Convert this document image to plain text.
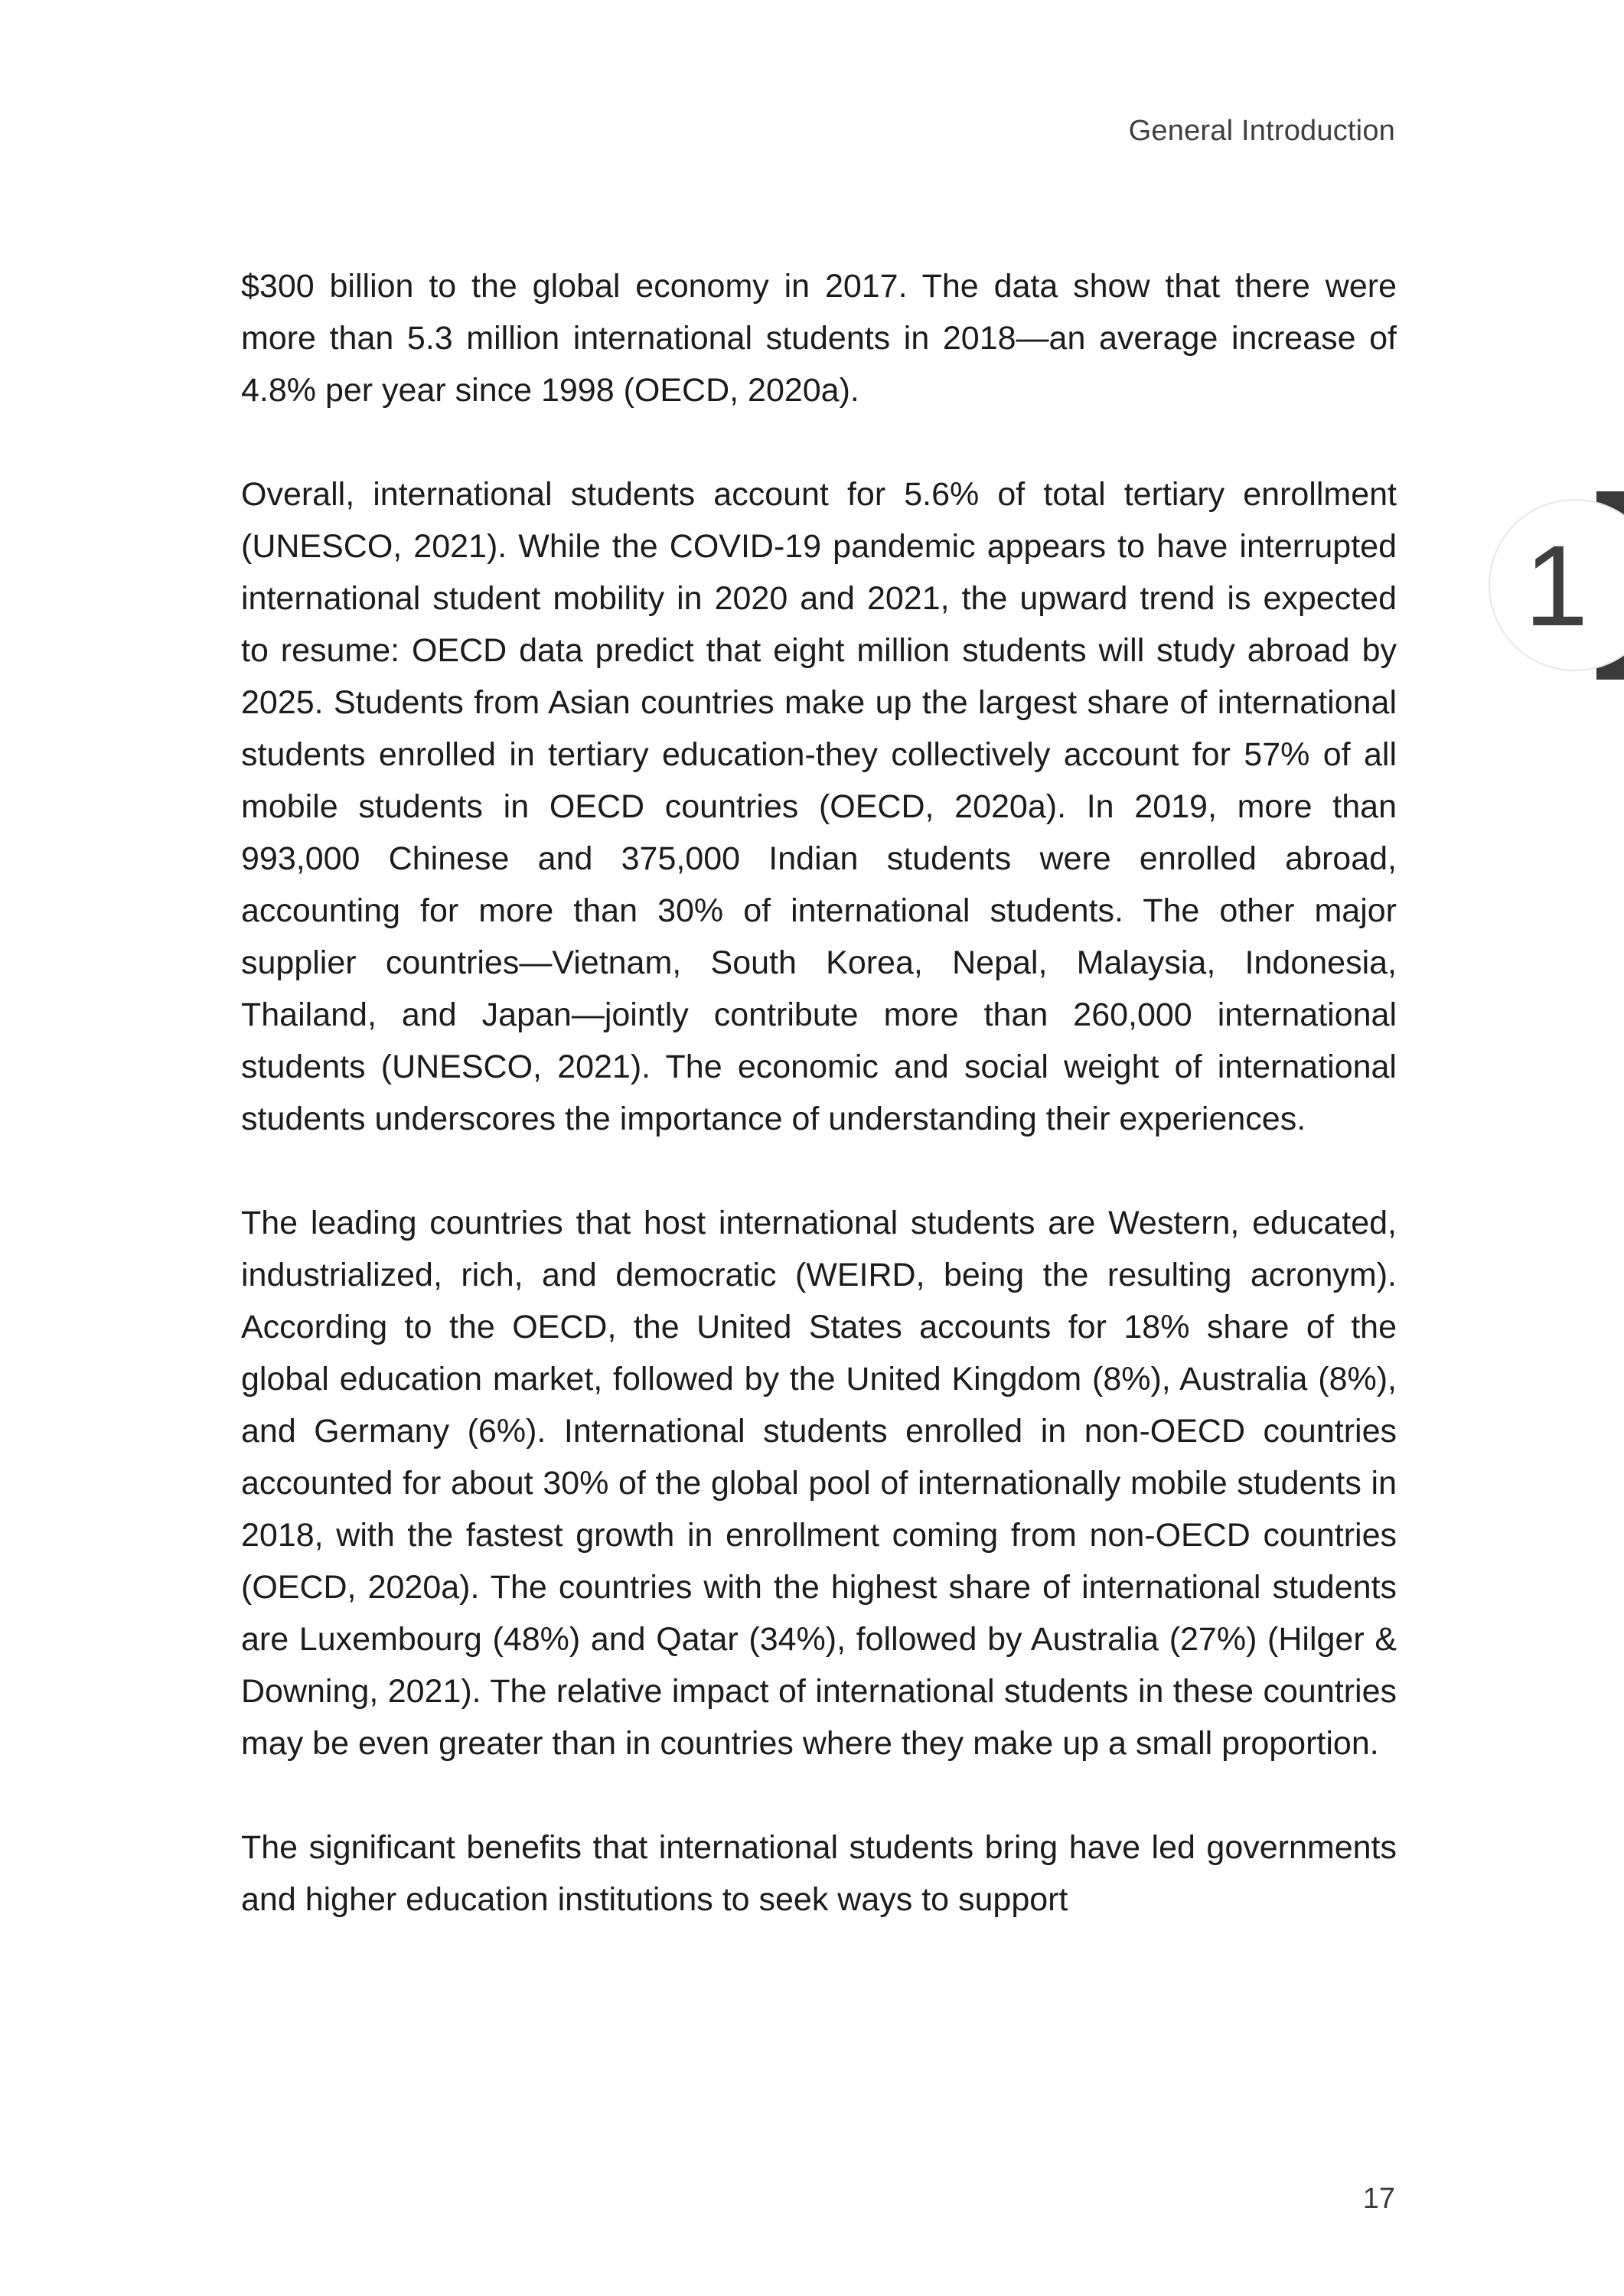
General Introduction
1

$300 billion to the global economy in 2017. The data show that there were more than 5.3 million international students in 2018—an average increase of 4.8% per year since 1998 (OECD, 2020a).

Overall, international students account for 5.6% of total tertiary enrollment (UNESCO, 2021). While the COVID-19 pandemic appears to have interrupted international student mobility in 2020 and 2021, the upward trend is expected to resume: OECD data predict that eight million students will study abroad by 2025. Students from Asian countries make up the largest share of international students enrolled in tertiary education-they collectively account for 57% of all mobile students in OECD countries (OECD, 2020a). In 2019, more than 993,000 Chinese and 375,000 Indian students were enrolled abroad, accounting for more than 30% of international students. The other major supplier countries—Vietnam, South Korea, Nepal, Malaysia, Indonesia, Thailand, and Japan—jointly contribute more than 260,000 international students (UNESCO, 2021). The economic and social weight of international students underscores the importance of understanding their experiences.

The leading countries that host international students are Western, educated, industrialized, rich, and democratic (WEIRD, being the resulting acronym). According to the OECD, the United States accounts for 18% share of the global education market, followed by the United Kingdom (8%), Australia (8%), and Germany (6%). International students enrolled in non-OECD countries accounted for about 30% of the global pool of internationally mobile students in 2018, with the fastest growth in enrollment coming from non-OECD countries (OECD, 2020a). The countries with the highest share of international students are Luxembourg (48%) and Qatar (34%), followed by Australia (27%) (Hilger & Downing, 2021). The relative impact of international students in these countries may be even greater than in countries where they make up a small proportion.

The significant benefits that international students bring have led governments and higher education institutions to seek ways to support

17
